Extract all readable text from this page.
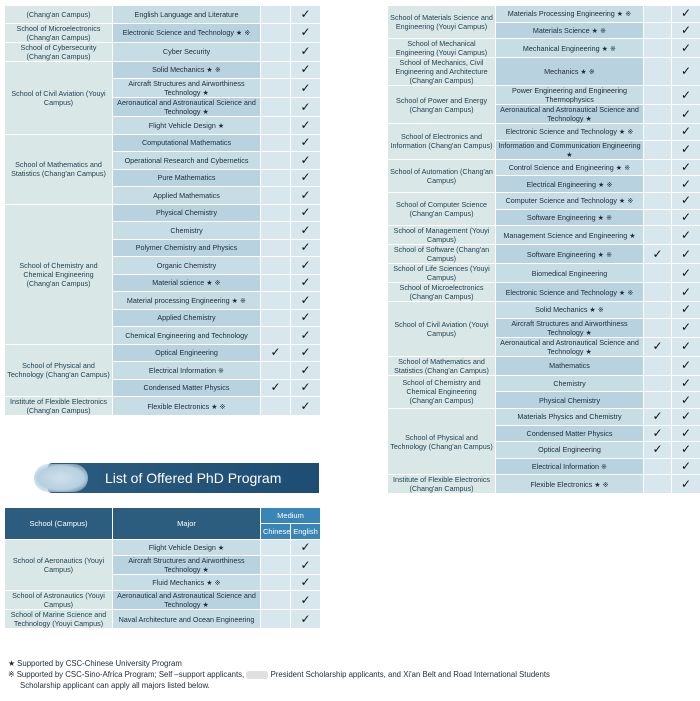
(Chang'an Campus)	English Language and Literature		✓
School of Microelectronics (Chang'an Campus)	Electronic Science and Technology ★ ※		✓
School of Cybersecurity (Chang'an Campus)	Cyber Security		✓
School of Civil Aviation (Youyi Campus)	Solid Mechanics ★ ※		✓
	Aircraft Structures and Airworthiness Technology ★		✓
	Aeronautical and Astronautical Science and Technology ★		✓
	Flight Vehicle Design ★		✓
School of Mathematics and Statistics (Chang'an Campus)	Computational Mathematics		✓
	Operational Research and Cybernetics		✓
	Pure Mathematics		✓
	Applied Mathematics		✓
School of Chemistry and Chemical Engineering (Chang'an Campus)	Physical Chemistry		✓
	Chemistry		✓
	Polymer Chemistry and Physics		✓
	Organic Chemistry		✓
	Material science ★ ※		✓
	Material processing Engineering ★ ※		✓
	Applied Chemistry		✓
	Chemical Engineering and Technology		✓
School of Physical and Technology (Chang'an Campus)	Optical Engineering	✓	✓
	Electrical Information ※		✓
	Condensed Matter Physics	✓	✓
Institute of Flexible Electronics (Chang'an Campus)	Flexible Electronics ★ ※		✓
List of Offered PhD Program
School (Campus)	Major	Medium	
		Chinese	English
School of Aeronautics (Youyi Campus)	Flight Vehicle Design ★		✓
	Aircraft Structures and Airworthiness Technology ★		✓
	Fluid Mechanics ★ ※		✓
School of Astronautics (Youyi Campus)	Aeronautical and Astronautical Science and Technology ★		✓
School of Marine Science and Technology (Youyi Campus)	Naval Architecture and Ocean Engineering		✓
School of Materials Science and Engineering (Youyi Campus)	Materials Processing Engineering ★ ※		✓
	Materials Science ★ ※		✓
School of Mechanical Engineering (Youyi Campus)	Mechanical Engineering ★ ※		✓
School of Mechanics, Civil Engineering and Architecture (Chang'an Campus)	Mechanics ★ ※		✓
School of Power and Energy (Chang'an Campus)	Power Engineering and Engineering Thermophysics		✓
	Aeronautical and Astronautical Science and Technology ★		✓
School of Electronics and Information (Chang'an Campus)	Electronic Science and Technology ★ ※		✓
	Information and Communication Engineering ★		✓
School of Automation (Chang'an Campus)	Control Science and Engineering ★ ※		✓
	Electrical Engineering ★ ※		✓
School of Computer Science (Chang'an Campus)	Computer Science and Technology ★ ※		✓
	Software Engineering ★ ※		✓
School of Management (Youyi Campus)	Management Science and Engineering ★		✓
School of Software (Chang'an Campus)	Software Engineering ★ ※	✓	✓
School of Life Sciences (Youyi Campus)	Biomedical Engineering		✓
School of Microelectronics (Chang'an Campus)	Electronic Science and Technology ★ ※		✓
School of Civil Aviation (Youyi Campus)	Solid Mechanics ★ ※		✓
	Aircraft Structures and Airworthiness Technology ★		✓
	Aeronautical and Astronautical Science and Technology ★	✓	✓
School of Mathematics and Statistics (Chang'an Campus)	Mathematics		✓
School of Chemistry and Chemical Engineering (Chang'an Campus)	Chemistry		✓
	Physical Chemistry		✓
School of Physical and Technology (Chang'an Campus)	Materials Physics and Chemistry	✓	✓
	Condensed Matter Physics	✓	✓
	Optical Engineering	✓	✓
	Electrical Information ※		✓
Institute of Flexible Electronics (Chang'an Campus)	Flexible Electronics ★ ※		✓
★ Supported by CSC-Chinese University Program
※ Supported by CSC-Sino-Africa Program; Self –support applicants,	President Scholarship applicants, and Xi'an Belt and Road International Students
Scholarship applicant can apply all majors listed below.
